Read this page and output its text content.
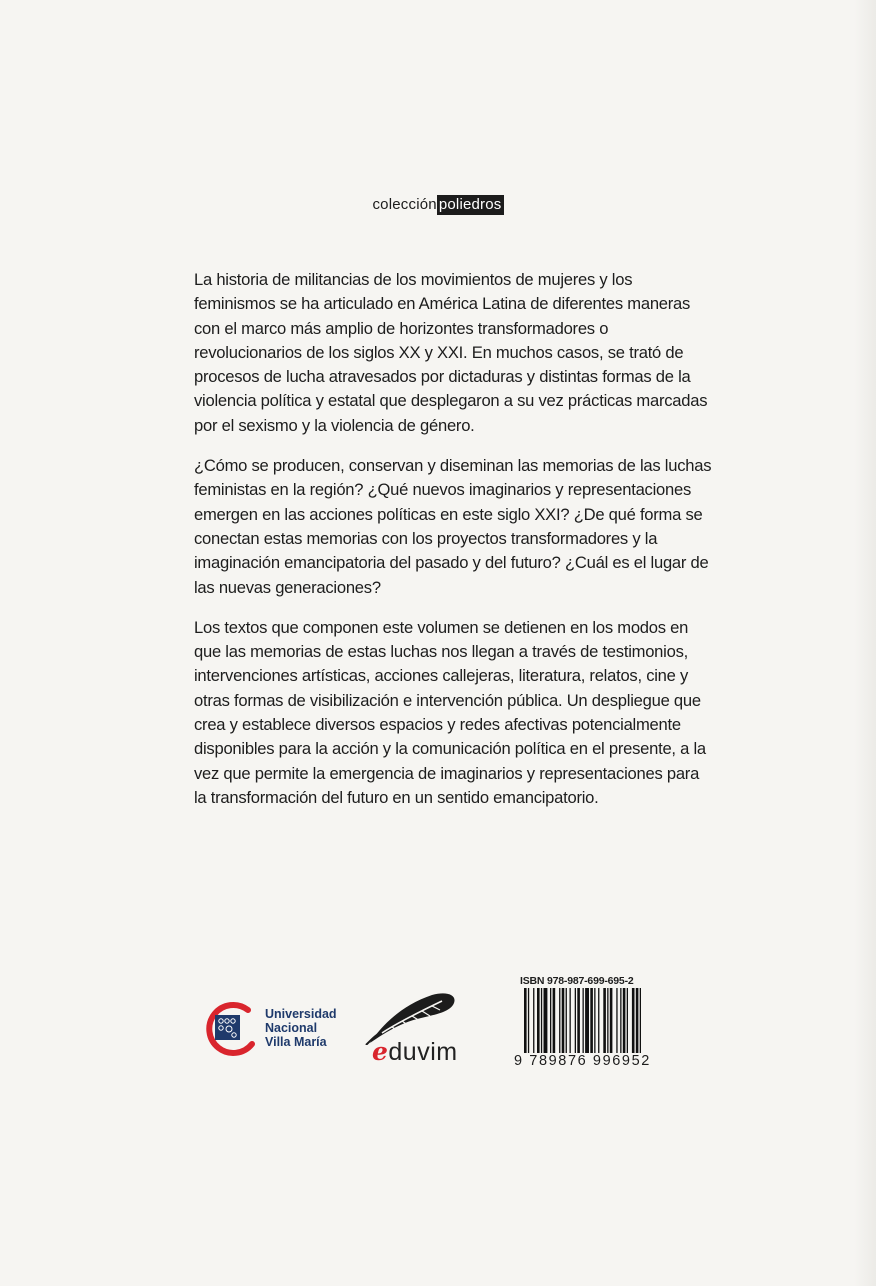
colección poliedros

La historia de militancias de los movimientos de mujeres y los feminismos se ha articulado en América Latina de diferentes maneras con el marco más amplio de horizontes transformadores o revolucionarios de los siglos XX y XXI. En muchos casos, se trató de procesos de lucha atravesados por dictaduras y distintas formas de la violencia política y estatal que desplegaron a su vez prácticas marcadas por el sexismo y la violencia de género.

¿Cómo se producen, conservan y diseminan las memorias de las luchas feministas en la región? ¿Qué nuevos imaginarios y representaciones emergen en las acciones políticas en este siglo XXI? ¿De qué forma se conectan estas memorias con los proyectos transformadores y la imaginación emancipatoria del pasado y del futuro? ¿Cuál es el lugar de las nuevas generaciones?

Los textos que componen este volumen se detienen en los modos en que las memorias de estas luchas nos llegan a través de testimonios, intervenciones artísticas, acciones callejeras, literatura, relatos, cine y otras formas de visibilización e intervención pública. Un despliegue que crea y establece diversos espacios y redes afectivas potencialmente disponibles para la acción y la comunicación política en el presente, a la vez que permite la emergencia de imaginarios y representaciones para la transformación del futuro en un sentido emancipatorio.

Universidad
Nacional
Villa María	eduvim
ISBN 978-987-699-695-2
9 789876 996952
